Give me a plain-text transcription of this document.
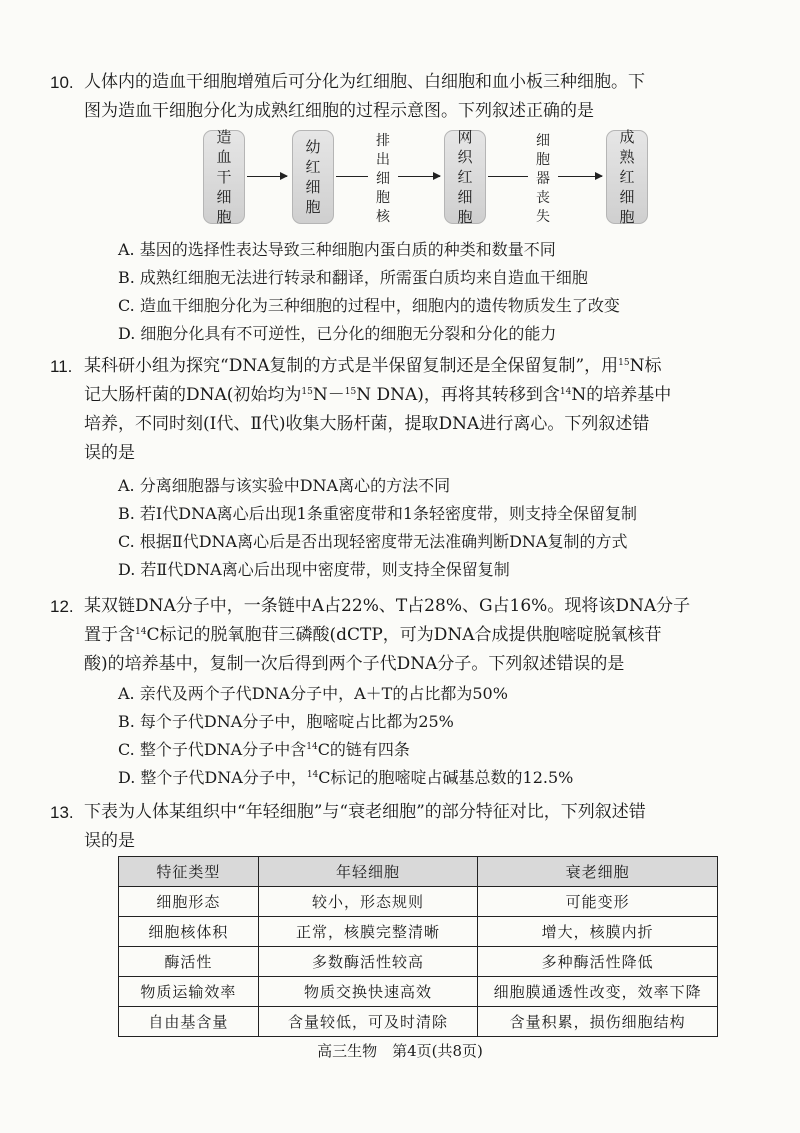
10. 人体内的造血干细胞增殖后可分化为红细胞、白细胞和血小板三种细胞。下
图为造血干细胞分化为成熟红细胞的过程示意图。下列叙述正确的是
造
血
干
细
胞
幼
红
细
胞
排
出
细
胞
核
网
织
红
细
胞
细
胞
器
丧
失
成
熟
红
细
胞
A. 基因的选择性表达导致三种细胞内蛋白质的种类和数量不同
B. 成熟红细胞无法进行转录和翻译，所需蛋白质均来自造血干细胞
C. 造血干细胞分化为三种细胞的过程中，细胞内的遗传物质发生了改变
D. 细胞分化具有不可逆性，已分化的细胞无分裂和分化的能力
11. 某科研小组为探究“DNA复制的方式是半保留复制还是全保留复制”，用$^{15}$N标
记大肠杆菌的DNA(初始均为$^{15}$N－$^{15}$N DNA)，再将其转移到含$^{14}$N的培养基中
培养，不同时刻(Ⅰ代、Ⅱ代)收集大肠杆菌，提取DNA进行离心。下列叙述错
误的是
A. 分离细胞器与该实验中DNA离心的方法不同
B. 若Ⅰ代DNA离心后出现1条重密度带和1条轻密度带，则支持全保留复制
C. 根据Ⅱ代DNA离心后是否出现轻密度带无法准确判断DNA复制的方式
D. 若Ⅱ代DNA离心后出现中密度带，则支持全保留复制
12. 某双链DNA分子中，一条链中A占22%、T占28%、G占16%。现将该DNA分子
置于含$^{14}$C标记的脱氧胞苷三磷酸(dCTP，可为DNA合成提供胞嘧啶脱氧核苷
酸)的培养基中，复制一次后得到两个子代DNA分子。下列叙述错误的是
A. 亲代及两个子代DNA分子中，A＋T的占比都为50%
B. 每个子代DNA分子中，胞嘧啶占比都为25%
C. 整个子代DNA分子中含$^{14}$C的链有四条
D. 整个子代DNA分子中，$^{14}$C标记的胞嘧啶占碱基总数的12.5%
13. 下表为人体某组织中“年轻细胞”与“衰老细胞”的部分特征对比，下列叙述错
误的是
特征类型	年轻细胞	衰老细胞
细胞形态	较小，形态规则	可能变形
细胞核体积	正常，核膜完整清晰	增大，核膜内折
酶活性	多数酶活性较高	多种酶活性降低
物质运输效率	物质交换快速高效	细胞膜通透性改变，效率下降
自由基含量	含量较低，可及时清除	含量积累，损伤细胞结构
高三生物　第4页(共8页)
